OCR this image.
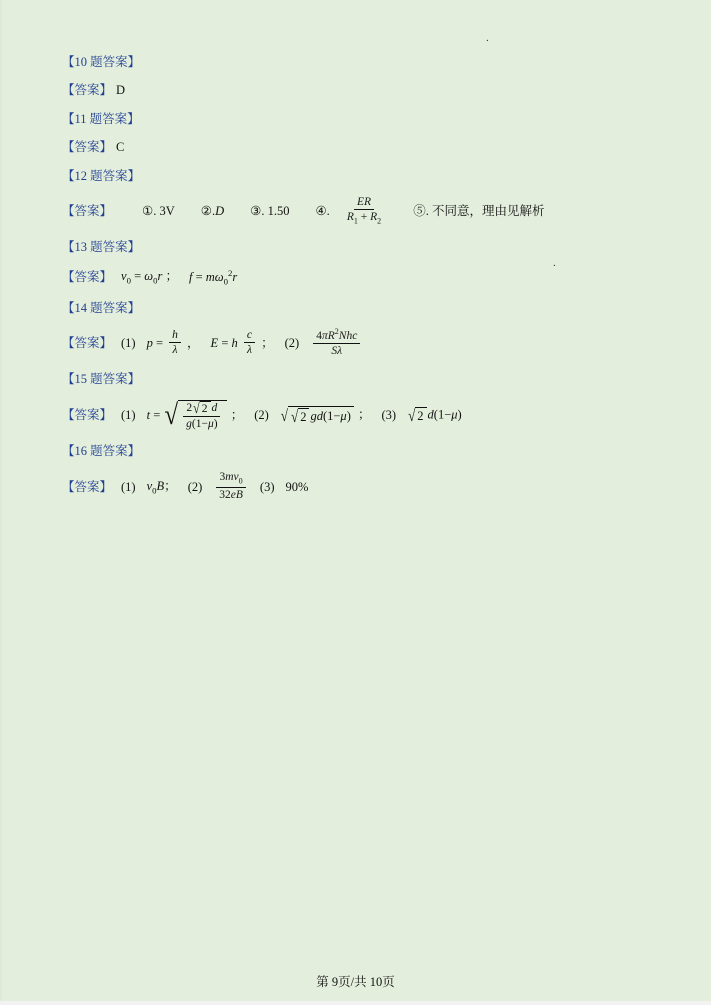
.
.
【10 题答案】
【答案】 D
【11 题答案】
【答案】 C
【12 题答案】
【答案】 ①. 3V ②. D ③. 1.50 ④. $\frac{ER}{R_1 + R_2}$ ⑤. 不同意，理由见解析
【13 题答案】
【答案】 $v_0 = \omega_0r$ ； $f = m\omega_0^2r$
【14 题答案】
【答案】 (1) $p = \frac{h}{\lambda}$ ， E = h $\frac{c}{\lambda}$ ； $(2) \frac{4\pi R^2Nhc}{S\lambda}$
【15 题答案】
【答案】 (1) t = √ $\frac{2 √ 2 d}{g(1-\mu)}$ ； (2) √ √ 2 gd (1− μ ) ； (3) √ 2 d(1−μ)
【16 题答案】
【答案】 (1) $v_0B$； $(2) \frac{3mv_0}{32eB} (3)$ 90%
第 9页/共 10页
